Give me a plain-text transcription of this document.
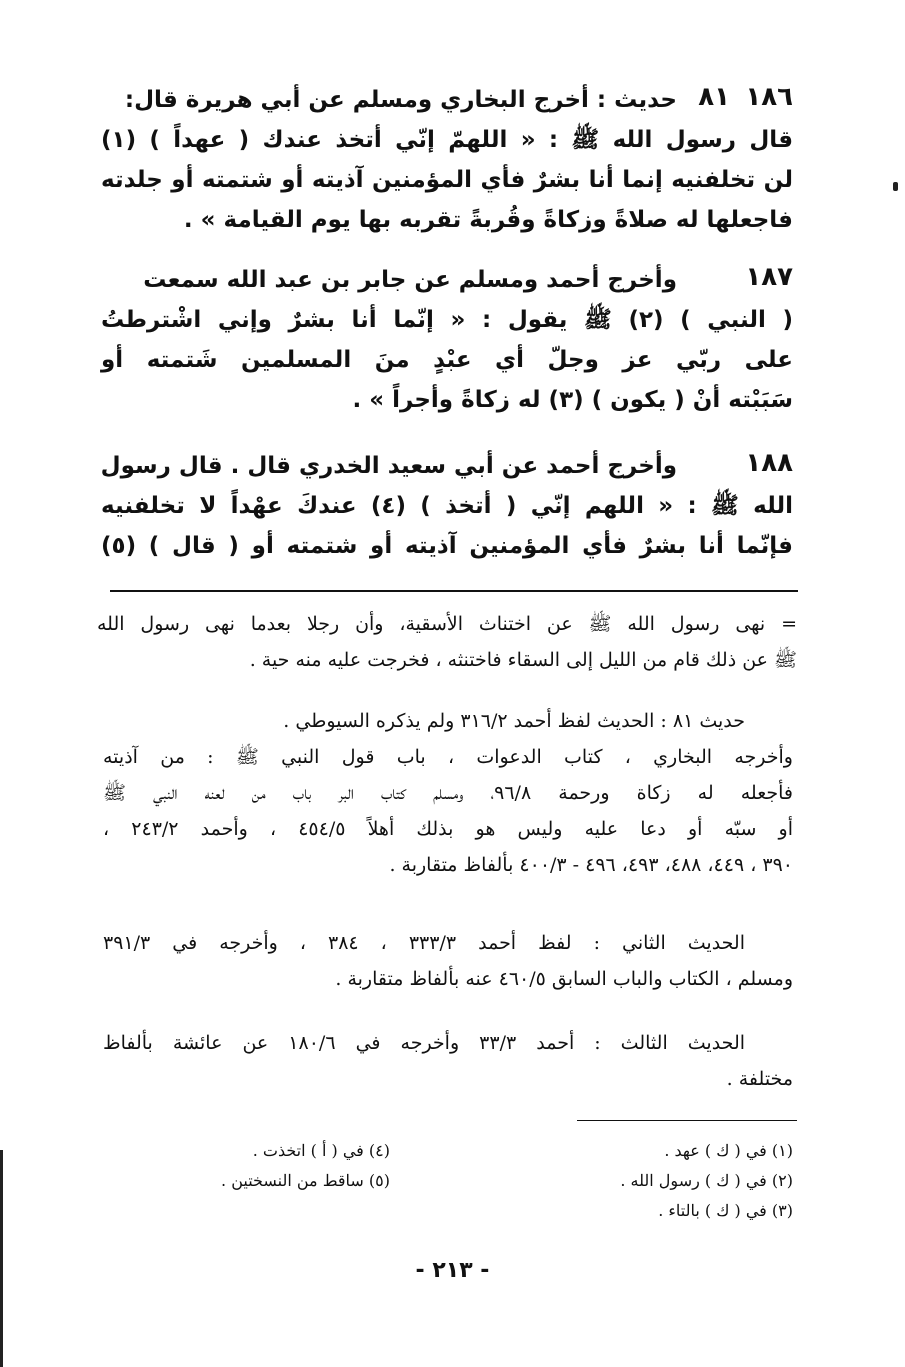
١٨٦
٨١
حديث : أخرج البخاري ومسلم عن أبي هريرة قال:
قال رسول الله ﷺ : « اللهمّ إنّي أتخذ عندك ( عهداً ) (١)
لن تخلفنيه إنما أنا بشرٌ فأي المؤمنين آذيته أو شتمته أو جلدته
فاجعلها له صلاةً وزكاةً وقُربةً تقربه بها يوم القيامة » .
١٨٧
وأخرج أحمد ومسلم عن جابر بن عبد الله سمعت
( النبي ) (٢) ﷺ يقول : « إنّما أنا بشرٌ وإني اشْترطتُ
على ربّي عز وجلّ أي عبْدٍ منَ المسلمين شَتمته أو
سَبَبْته أنْ ( يكون ) (٣) له زكاةً وأجراً » .
١٨٨
وأخرج أحمد عن أبي سعيد الخدري قال . قال رسول
الله ﷺ : « اللهم إنّي ( أتخذ ) (٤) عندكَ عهْداً لا تخلفنيه
فإنّما أنا بشرٌ فأي المؤمنين آذيته أو شتمته أو ( قال ) (٥)
= نهى رسول الله ﷺ عن اختناث الأسقية، وأن رجلا بعدما نهى رسول الله
ﷺ عن ذلك قام من الليل إلى السقاء فاختنثه ، فخرجت عليه منه حية .
حديث ٨١ : الحديث لفظ أحمد ٣١٦/٢ ولم يذكره السيوطي .
وأخرجه البخاري ، كتاب الدعوات ، باب قول النبي ﷺ : من آذيته
فأجعله له زكاة ورحمة ٩٦/٨، ومسلم كتاب البر باب من لعنه النبي ﷺ
أو سبّه أو دعا عليه وليس هو بذلك أهلاً ٤٥٤/٥ ، وأحمد ٢٤٣/٢ ،
٣٩٠ ، ٤٤٩، ٤٨٨، ٤٩٣، ٤٩٦ - ٤٠٠/٣ بألفاظ متقاربة .
الحديث الثاني : لفظ أحمد ٣٣٣/٣ ، ٣٨٤ ، وأخرجه في ٣٩١/٣
ومسلم ، الكتاب والباب السابق ٤٦٠/٥ عنه بألفاظ متقاربة .
الحديث الثالث : أحمد ٣٣/٣ وأخرجه في ١٨٠/٦ عن عائشة بألفاظ
مختلفة .
(١) في ( ك ) عهد .
(٢) في ( ك ) رسول الله .
(٣) في ( ك ) بالتاء .
(٤) في ( أ ) اتخذت .
(٥) ساقط من النسختين .
- ٢١٣ -
